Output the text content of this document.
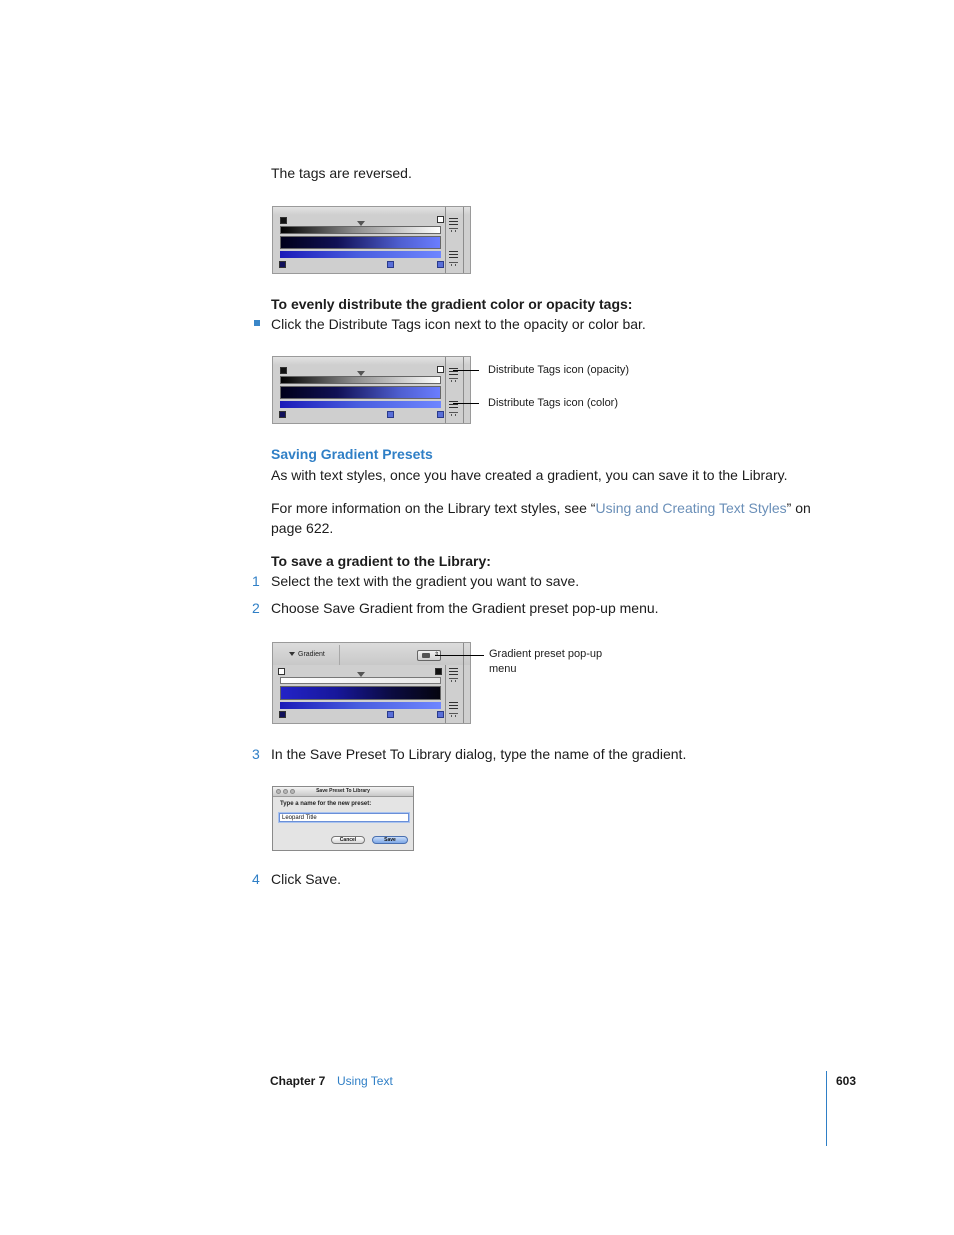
The tags are reversed.
To evenly distribute the gradient color or opacity tags:
Click the Distribute Tags icon next to the opacity or color bar.
Distribute Tags icon (opacity)
Distribute Tags icon (color)
Saving Gradient Presets
As with text styles, once you have created a gradient, you can save it to the Library.
For more information on the Library text styles, see “Using and Creating Text Styles” on
page 622.
To save a gradient to the Library:
1 Select the text with the gradient you want to save.
2 Choose Save Gradient from the Gradient preset pop-up menu.
Gradient	Gradient preset pop-up
menu
3 In the Save Preset To Library dialog, type the name of the gradient.
Save Preset To Library
Type a name for the new preset:
Leopard Title
Cancel	Save
4 Click Save.
Chapter 7 Using Text	603
